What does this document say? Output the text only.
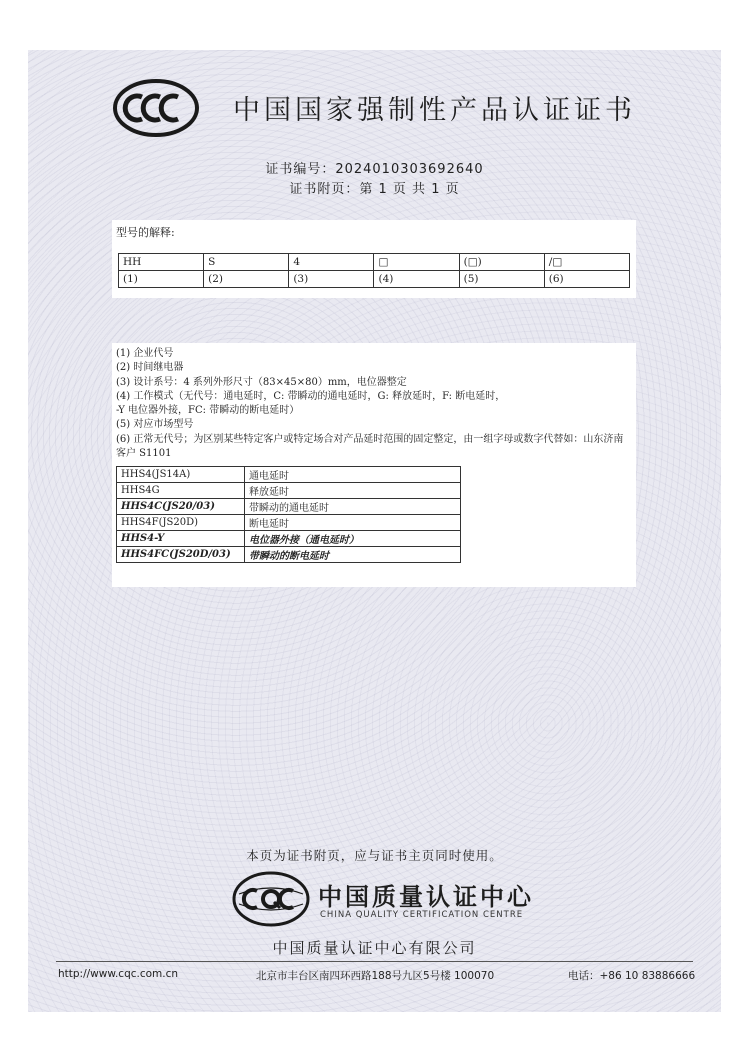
中国国家强制性产品认证证书
证书编号：2024010303692640
证书附页：第 1 页 共 1 页
型号的解释:
HH	S	4	□	(□)	/□
(1)	(2)	(3)	(4)	(5)	(6)
(1) 企业代号
(2) 时间继电器
(3) 设计系号：4 系列外形尺寸（83×45×80）mm，电位器整定
(4) 工作模式（无代号：通电延时，C: 带瞬动的通电延时，G: 释放延时，F: 断电延时，
-Y 电位器外接，FC: 带瞬动的断电延时）
(5) 对应市场型号
(6) 正常无代号；为区别某些特定客户或特定场合对产品延时范围的固定整定，由一组字母或数字代替如：山东济南客户 S1101
HHS4(JS14A)	通电延时
HHS4G	释放延时
HHS4C(JS20/03)	带瞬动的通电延时
HHS4F(JS20D)	断电延时
HHS4-Y	电位器外接（通电延时）
HHS4FC(JS20D/03)	带瞬动的断电延时
本页为证书附页，应与证书主页同时使用。
中国质量认证中心
CHINA QUALITY CERTIFICATION CENTRE
中国质量认证中心有限公司
http://www.cqc.com.cn	北京市丰台区南四环西路188号九区5号楼 100070	电话：+86 10 83886666
